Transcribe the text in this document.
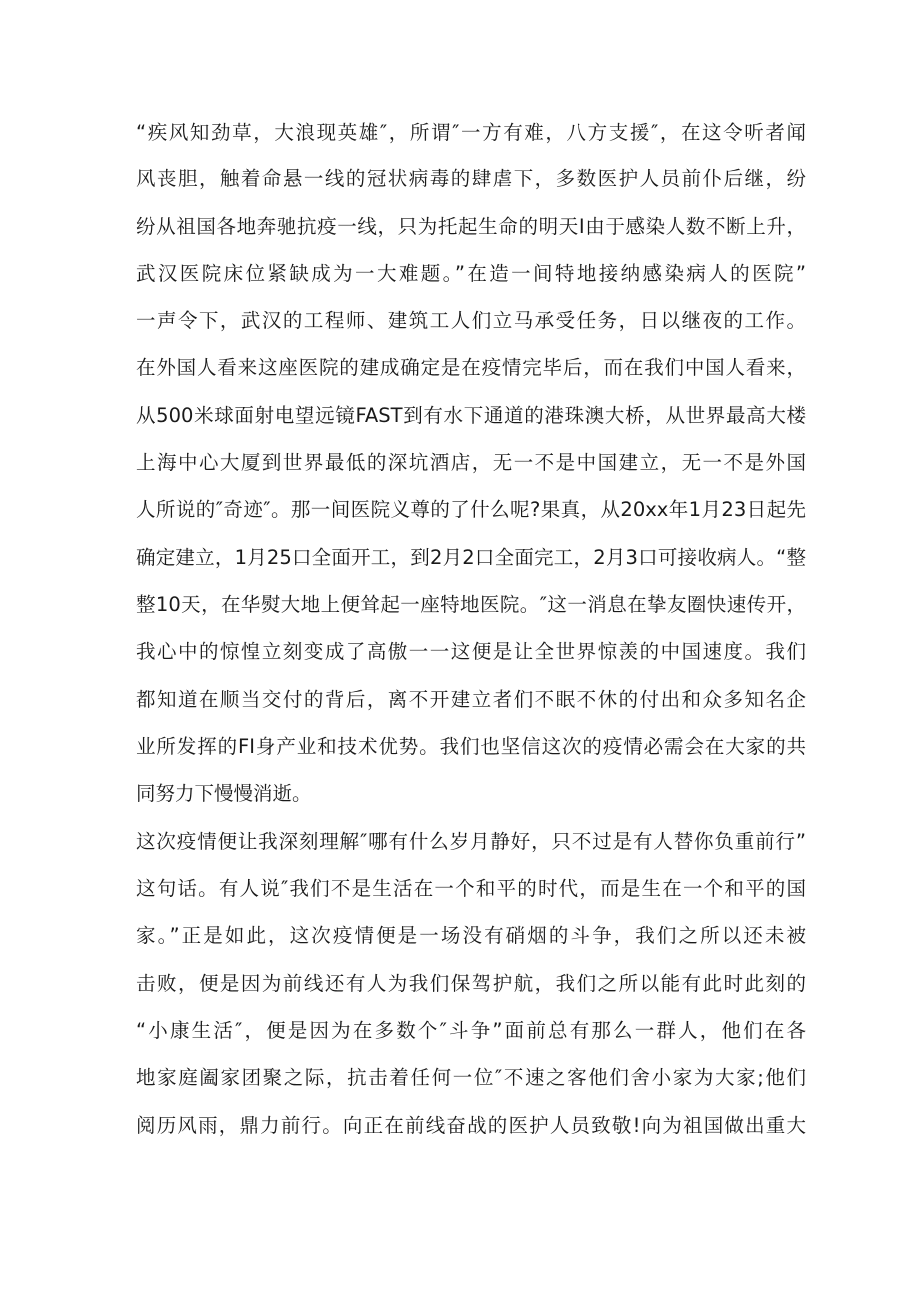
“疾风知劲草，大浪现英雄″，所谓″一方有难，八方支援″，在这令听者闻
风丧胆，触着命悬一线的冠状病毒的肆虐下，多数医护人员前仆后继，纷
纷从祖国各地奔驰抗疫一线，只为托起生命的明天I由于感染人数不断上升，
武汉医院床位紧缺成为一大难题。”在造一间特地接纳感染病人的医院”
一声令下，武汉的工程师、建筑工人们立马承受任务，日以继夜的工作。
在外国人看来这座医院的建成确定是在疫情完毕后，而在我们中国人看来，
从500米球面射电望远镜FAST到有水下通道的港珠澳大桥，从世界最高大楼
上海中心大厦到世界最低的深坑酒店，无一不是中国建立，无一不是外国
人所说的″奇迹″。那一间医院义尊的了什么呢?果真，从20xx年1月23日起先
确定建立，1月25口全面开工，到2月2口全面完工，2月3口可接收病人。“整
整10天，在华熨大地上便耸起一座特地医院。″这一消息在挚友圈快速传开，
我心中的惊惶立刻变成了高傲一一这便是让全世界惊羡的中国速度。我们
都知道在顺当交付的背后，离不开建立者们不眠不休的付出和众多知名企
业所发挥的FI身产业和技术优势。我们也坚信这次的疫情必需会在大家的共
同努力下慢慢消逝。
这次疫情便让我深刻理解″哪有什么岁月静好，只不过是有人替你负重前行”
这句话。有人说″我们不是生活在一个和平的时代，而是生在一个和平的国
家。”正是如此，这次疫情便是一场没有硝烟的斗争，我们之所以还未被
击败，便是因为前线还有人为我们保驾护航，我们之所以能有此时此刻的
“小康生活″，便是因为在多数个″斗争”面前总有那么一群人，他们在各
地家庭阖家团聚之际，抗击着任何一位″不速之客他们舍小家为大家;他们
阅历风雨，鼎力前行。向正在前线奋战的医护人员致敬!向为祖国做出重大
